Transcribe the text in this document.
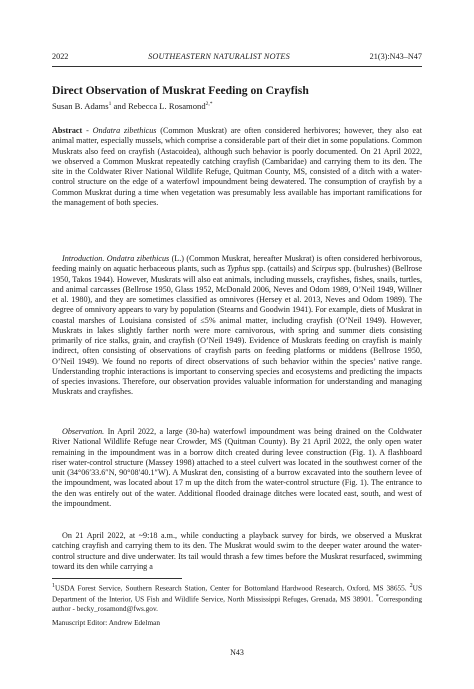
2022	SOUTHEASTERN NATURALIST NOTES	21(3):N43–N47
Direct Observation of Muskrat Feeding on Crayfish
Susan B. Adams$^1$ and Rebecca L. Rosamond$^{2,*}$
Abstract - Ondatra zibethicus (Common Muskrat) are often considered herbivores; however, they also eat animal matter, especially mussels, which comprise a considerable part of their diet in some populations. Common Muskrats also feed on crayfish (Astacoidea), although such behavior is poorly documented. On 21 April 2022, we observed a Common Muskrat repeatedly catching crayfish (Cambaridae) and carrying them to its den. The site in the Coldwater River National Wildlife Refuge, Quitman County, MS, consisted of a ditch with a water-control structure on the edge of a waterfowl impoundment being dewatered. The consumption of crayfish by a Common Muskrat during a time when vegetation was presumably less available has important ramifications for the management of both species.
Introduction. Ondatra zibethicus (L.) (Common Muskrat, hereafter Muskrat) is often considered herbivorous, feeding mainly on aquatic herbaceous plants, such as Typhus spp. (cattails) and Scirpus spp. (bulrushes) (Bellrose 1950, Takos 1944). However, Muskrats will also eat animals, including mussels, crayfishes, fishes, snails, turtles, and animal carcasses (Bellrose 1950, Glass 1952, McDonald 2006, Neves and Odom 1989, O’Neil 1949, Willner et al. 1980), and they are sometimes classified as omnivores (Hersey et al. 2013, Neves and Odom 1989). The degree of omnivory appears to vary by population (Stearns and Goodwin 1941). For example, diets of Muskrat in coastal marshes of Louisiana consisted of ≤5% animal matter, including crayfish (O’Neil 1949). However, Muskrats in lakes slightly farther north were more carnivorous, with spring and summer diets consisting primarily of rice stalks, grain, and crayfish (O’Neil 1949). Evidence of Muskrats feeding on crayfish is mainly indirect, often consisting of observations of crayfish parts on feeding platforms or middens (Bellrose 1950, O’Neil 1949). We found no reports of direct observations of such behavior within the species’ native range. Understanding trophic interactions is important to conserving species and ecosystems and predicting the impacts of species invasions. Therefore, our observation provides valuable information for understanding and managing Muskrats and crayfishes.
Observation. In April 2022, a large (30-ha) waterfowl impoundment was being drained on the Coldwater River National Wildlife Refuge near Crowder, MS (Quitman County). By 21 April 2022, the only open water remaining in the impoundment was in a borrow ditch created during levee construction (Fig. 1). A flashboard riser water-control structure (Massey 1998) attached to a steel culvert was located in the southwest corner of the unit (34°06′33.6″N, 90°08′40.1″W). A Muskrat den, consisting of a burrow excavated into the southern levee of the impoundment, was located about 17 m up the ditch from the water-control structure (Fig. 1). The entrance to the den was entirely out of the water. Additional flooded drainage ditches were located east, south, and west of the impoundment.
On 21 April 2022, at ~9:18 a.m., while conducting a playback survey for birds, we observed a Muskrat catching crayfish and carrying them to its den. The Muskrat would swim to the deeper water around the water-control structure and dive underwater. Its tail would thrash a few times before the Muskrat resurfaced, swimming toward its den while carrying a
$^1$USDA Forest Service, Southern Research Station, Center for Bottomland Hardwood Research, Oxford, MS 38655. $^2$US Department of the Interior, US Fish and Wildlife Service, North Mississippi Refuges, Grenada, MS 38901. *Corresponding author - becky_rosamond@fws.gov.
Manuscript Editor: Andrew Edelman
N43
